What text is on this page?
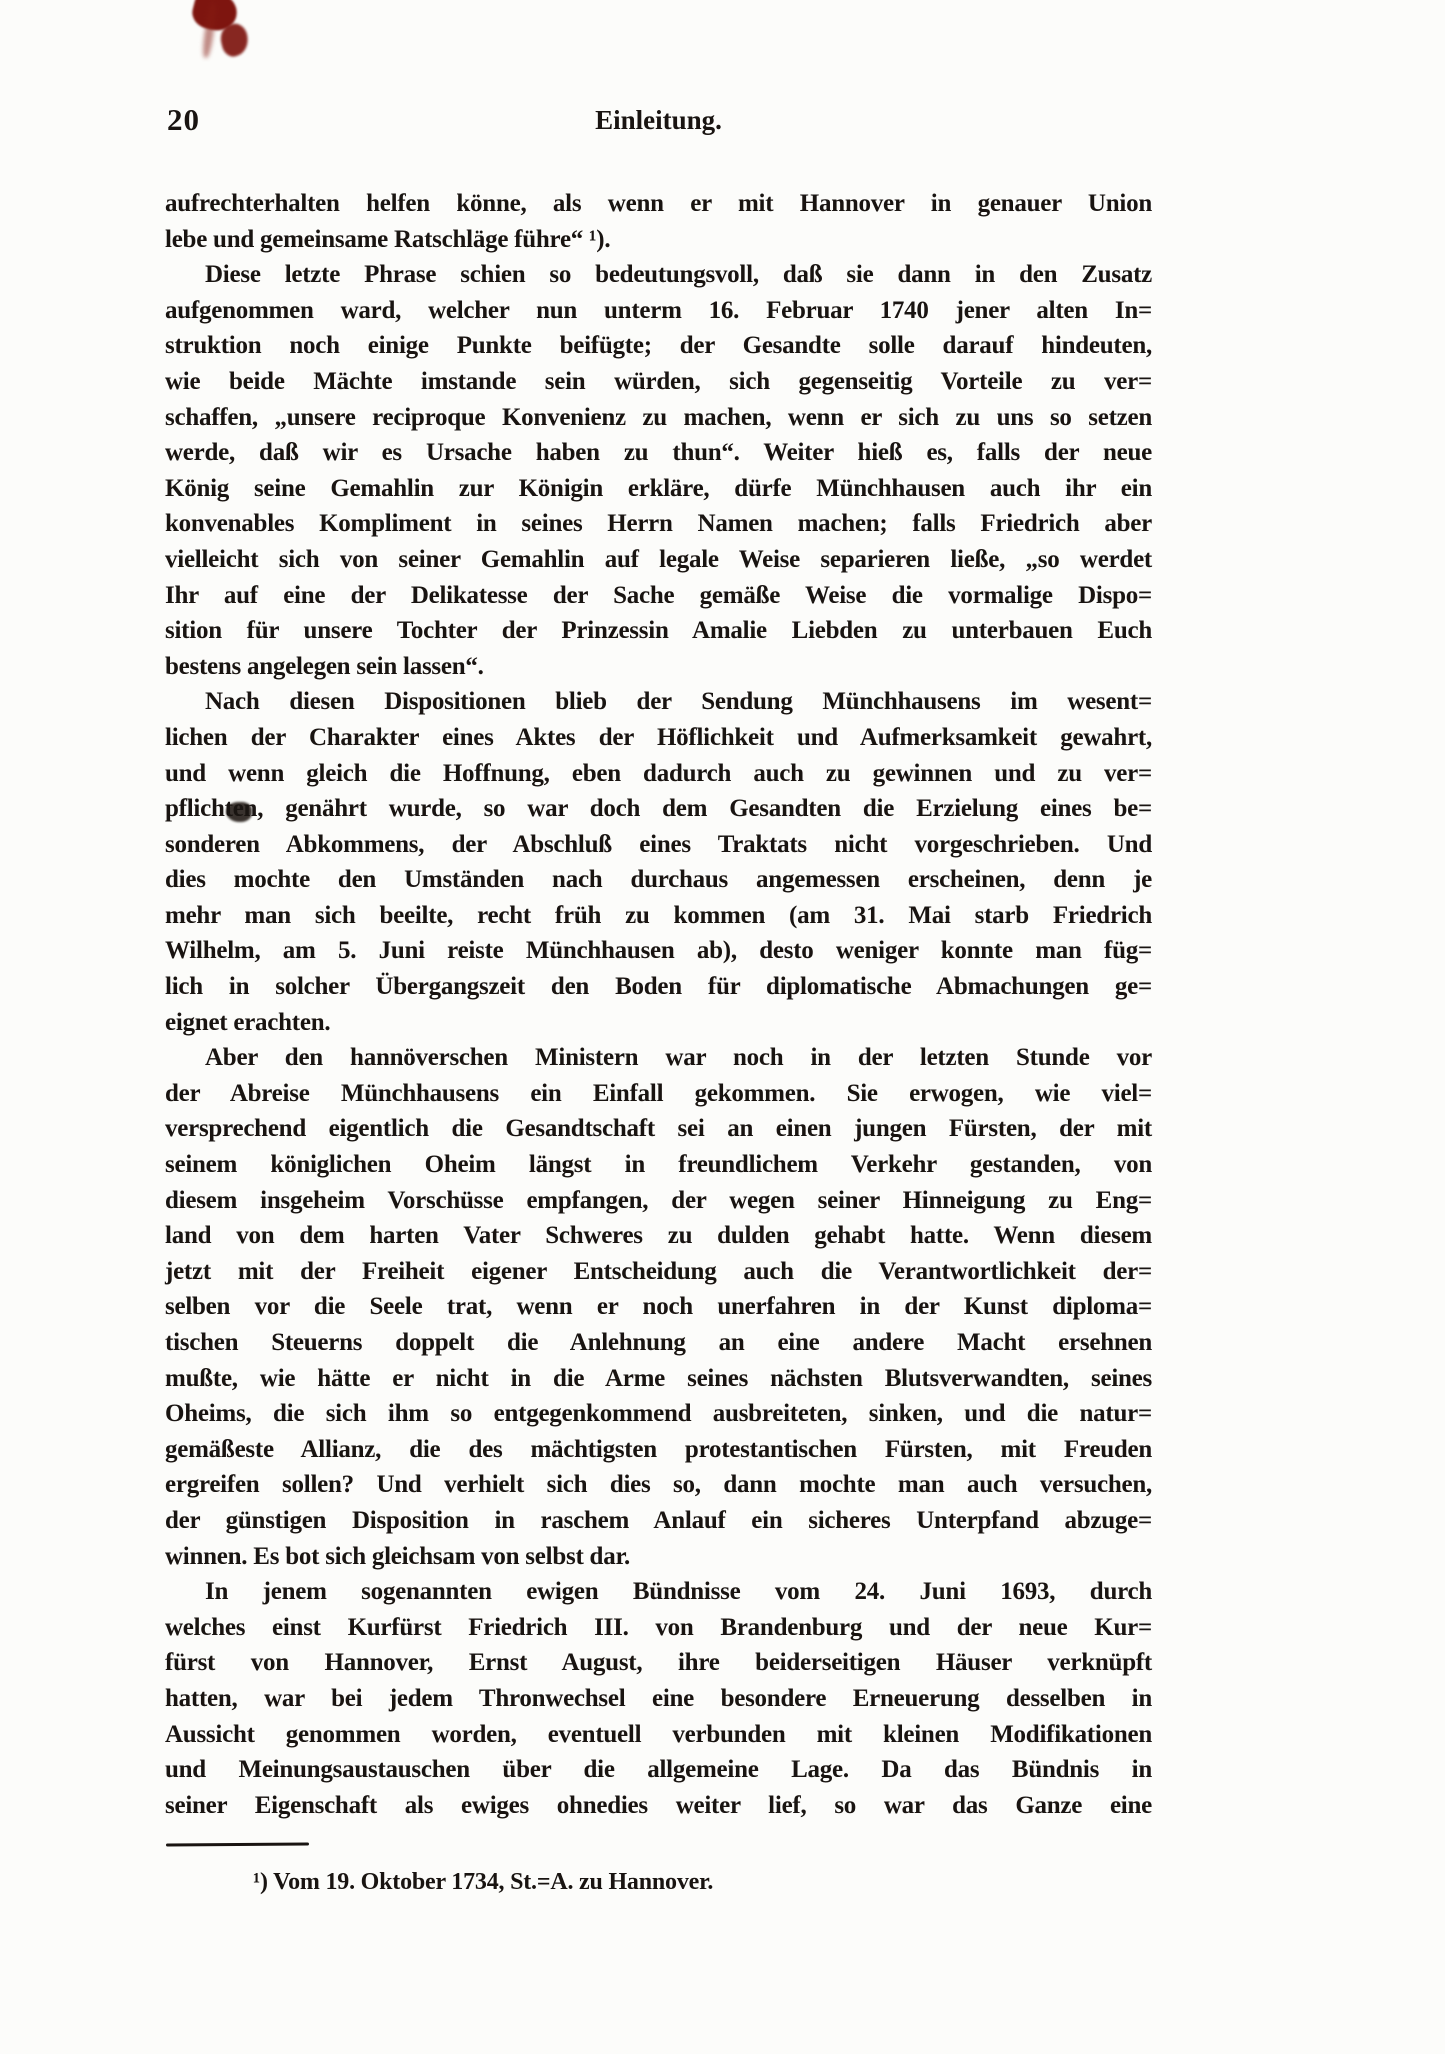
20	Einleitung.
aufrechterhalten helfen könne, als wenn er mit Hannover in genauer Union
lebe und gemeinsame Ratschläge führe“ ¹).
Diese letzte Phrase schien so bedeutungsvoll, daß sie dann in den Zusatz
aufgenommen ward, welcher nun unterm 16. Februar 1740 jener alten In=
struktion noch einige Punkte beifügte; der Gesandte solle darauf hindeuten,
wie beide Mächte imstande sein würden, sich gegenseitig Vorteile zu ver=
schaffen, „unsere reciproque Konvenienz zu machen, wenn er sich zu uns so setzen
werde, daß wir es Ursache haben zu thun“. Weiter hieß es, falls der neue
König seine Gemahlin zur Königin erkläre, dürfe Münchhausen auch ihr ein
konvenables Kompliment in seines Herrn Namen machen; falls Friedrich aber
vielleicht sich von seiner Gemahlin auf legale Weise separieren ließe, „so werdet
Ihr auf eine der Delikatesse der Sache gemäße Weise die vormalige Dispo=
sition für unsere Tochter der Prinzessin Amalie Liebden zu unterbauen Euch
bestens angelegen sein lassen“.
Nach diesen Dispositionen blieb der Sendung Münchhausens im wesent=
lichen der Charakter eines Aktes der Höflichkeit und Aufmerksamkeit gewahrt,
und wenn gleich die Hoffnung, eben dadurch auch zu gewinnen und zu ver=
pflichten, genährt wurde, so war doch dem Gesandten die Erzielung eines be=
sonderen Abkommens, der Abschluß eines Traktats nicht vorgeschrieben. Und
dies mochte den Umständen nach durchaus angemessen erscheinen, denn je
mehr man sich beeilte, recht früh zu kommen (am 31. Mai starb Friedrich
Wilhelm, am 5. Juni reiste Münchhausen ab), desto weniger konnte man füg=
lich in solcher Übergangszeit den Boden für diplomatische Abmachungen ge=
eignet erachten.
Aber den hannöverschen Ministern war noch in der letzten Stunde vor
der Abreise Münchhausens ein Einfall gekommen. Sie erwogen, wie viel=
versprechend eigentlich die Gesandtschaft sei an einen jungen Fürsten, der mit
seinem königlichen Oheim längst in freundlichem Verkehr gestanden, von
diesem insgeheim Vorschüsse empfangen, der wegen seiner Hinneigung zu Eng=
land von dem harten Vater Schweres zu dulden gehabt hatte. Wenn diesem
jetzt mit der Freiheit eigener Entscheidung auch die Verantwortlichkeit der=
selben vor die Seele trat, wenn er noch unerfahren in der Kunst diploma=
tischen Steuerns doppelt die Anlehnung an eine andere Macht ersehnen
mußte, wie hätte er nicht in die Arme seines nächsten Blutsverwandten, seines
Oheims, die sich ihm so entgegenkommend ausbreiteten, sinken, und die natur=
gemäßeste Allianz, die des mächtigsten protestantischen Fürsten, mit Freuden
ergreifen sollen? Und verhielt sich dies so, dann mochte man auch versuchen,
der günstigen Disposition in raschem Anlauf ein sicheres Unterpfand abzuge=
winnen. Es bot sich gleichsam von selbst dar.
In jenem sogenannten ewigen Bündnisse vom 24. Juni 1693, durch
welches einst Kurfürst Friedrich III. von Brandenburg und der neue Kur=
fürst von Hannover, Ernst August, ihre beiderseitigen Häuser verknüpft
hatten, war bei jedem Thronwechsel eine besondere Erneuerung desselben in
Aussicht genommen worden, eventuell verbunden mit kleinen Modifikationen
und Meinungsaustauschen über die allgemeine Lage. Da das Bündnis in
seiner Eigenschaft als ewiges ohnedies weiter lief, so war das Ganze eine
¹) Vom 19. Oktober 1734, St.=A. zu Hannover.
